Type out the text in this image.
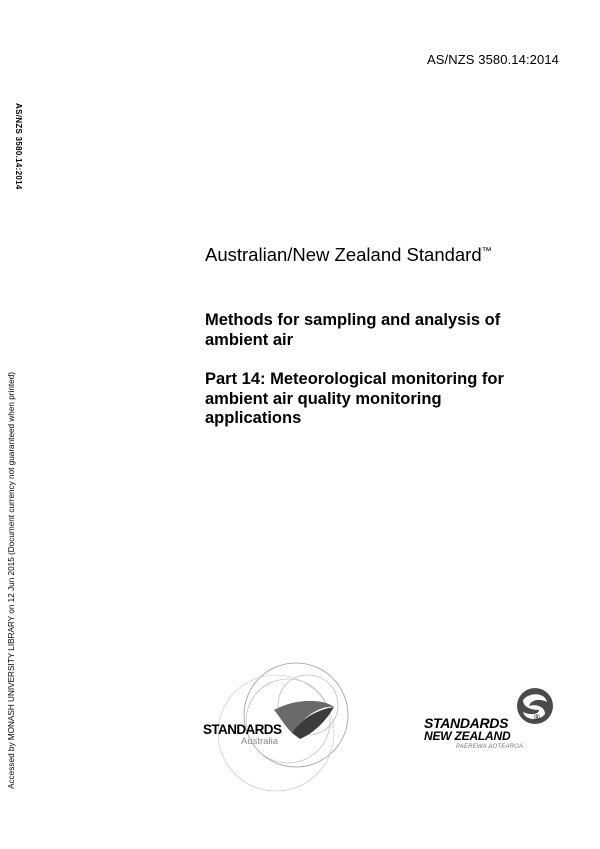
AS/NZS 3580.14:2014
AS/NZS 3580.14:2014
Accessed by MONASH UNIVERSITY LIBRARY on 12 Jun 2015 (Document currency not guaranteed when printed)
Australian/New Zealand Standard™
Methods for sampling and analysis of
ambient air
Part 14: Meteorological monitoring for
ambient air quality monitoring
applications
STANDARDS
Australia
STANDARDS	®
NEW ZEALAND
PAEREWA AOTEAROA
